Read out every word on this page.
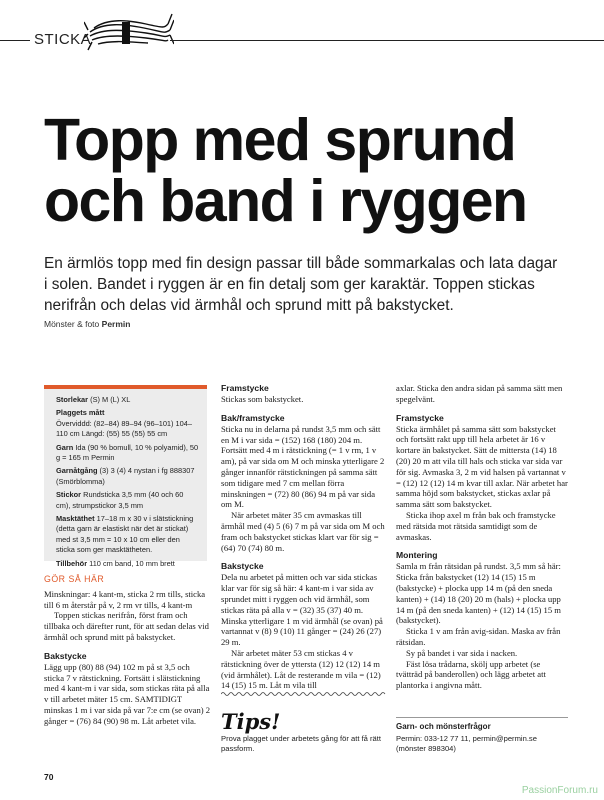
STICKA
Topp med sprund
och band i ryggen

En ärmlös topp med fin design passar till både sommarkalas och lata dagar i solen. Bandet i ryggen är en fin detalj som ger karaktär. Toppen stickas nerifrån och delas vid ärmhål och sprund mitt på bakstycket.

Mönster & foto Permin

Storlekar (S) M (L) XL

Plaggets mått
Överviddd: (82–84) 89–94 (96–101) 104–110 cm Längd: (55) 55 (55) 55 cm

Garn Ida (90 % bomull, 10 % polyamid), 50 g = 165 m Permin

Garnåtgång (3) 3 (4) 4 nystan i fg 888307 (Smörblomma)

Stickor Rundsticka 3,5 mm (40 och 60 cm), strumpstickor 3,5 mm

Masktäthet 17–18 m x 30 v i slätstickning (detta garn är elastiskt när det är stickat) med st 3,5 mm = 10 x 10 cm eller den sticka som ger masktätheten.

Tillbehör 110 cm band, 10 mm brett

GÖR SÅ HÄR

Minskningar: 4 kant-m, sticka 2 rm tills, sticka till 6 m återstår på v, 2 rm vr tills, 4 kant-m

Toppen stickas nerifrån, först fram och tillbaka och därefter runt, för att sedan delas vid ärmhål och sprund mitt på bakstycket.

Bakstycke

Lägg upp (80) 88 (94) 102 m på st 3,5 och sticka 7 v rätstickning. Fortsätt i slätstickning med 4 kant-m i var sida, som stickas räta på alla v till arbetet mäter 15 cm. SAMTIDIGT minskas 1 m i var sida på var 7:e cm (se ovan) 2 gånger = (76) 84 (90) 98 m. Låt arbetet vila.

Framstycke

Stickas som bakstycket.

Bak/framstycke

Sticka nu in delarna på rundst 3,5 mm och sätt en M i var sida = (152) 168 (180) 204 m. Fortsätt med 4 m i rätstickning (= 1 v rm, 1 v am), på var sida om M och minska ytterligare 2 gånger innanför rätstickningen på samma sätt som tidigare med 7 cm mellan förra minskningen = (72) 80 (86) 94 m på var sida om M.

När arbetet mäter 35 cm avmaskas till ärmhål med (4) 5 (6) 7 m på var sida om M och fram och bakstycket stickas klart var för sig = (64) 70 (74) 80 m.

Bakstycke

Dela nu arbetet på mitten och var sida stickas klar var för sig så här: 4 kant-m i var sida av sprundet mitt i ryggen och vid ärmhål, som stickas räta på alla v = (32) 35 (37) 40 m. Minska ytterligare 1 m vid ärmhål (se ovan) på vartannat v (8) 9 (10) 11 gånger = (24) 26 (27) 29 m.

När arbetet mäter 53 cm stickas 4 v rätstickning över de yttersta (12) 12 (12) 14 m (vid ärmhålet). Låt de resterande m vila = (12) 14 (15) 15 m. Låt m vila till

Tips!
Prova plagget under arbetets gång för att få rätt passform.

axlar. Sticka den andra sidan på samma sätt men spegelvänt.

Framstycke

Sticka ärmhålet på samma sätt som bakstycket och fortsätt rakt upp till hela arbetet är 16 v kortare än bakstycket. Sätt de mittersta (14) 18 (20) 20 m att vila till hals och sticka var sida var för sig. Avmaska 3, 2 m vid halsen på vartannat v = (12) 12 (12) 14 m kvar till axlar. När arbetet har samma höjd som bakstycket, stickas axlar på samma sätt som bakstycket.

Sticka ihop axel m från bak och framstycke med rätsida mot rätsida samtidigt som de avmaskas.

Montering

Samla m från rätsidan på rundst. 3,5 mm så här: Sticka från bakstycket (12) 14 (15) 15 m (bakstycke) + plocka upp 14 m (på den sneda kanten) + (14) 18 (20) 20 m (hals) + plocka upp 14 m (på den sneda kanten) + (12) 14 (15) 15 m (bakstycket).

Sticka 1 v am från avig-sidan. Maska av från rätsidan.

Sy på bandet i var sida i nacken.

Fäst lösa trådarna, skölj upp arbetet (se tvätträd på banderollen) och lägg arbetet att plantorka i angivna mått.

Garn- och mönsterfrågor
Permin: 033-12 77 11, permin@permin.se (mönster 898304)
70
PassionForum.ru
